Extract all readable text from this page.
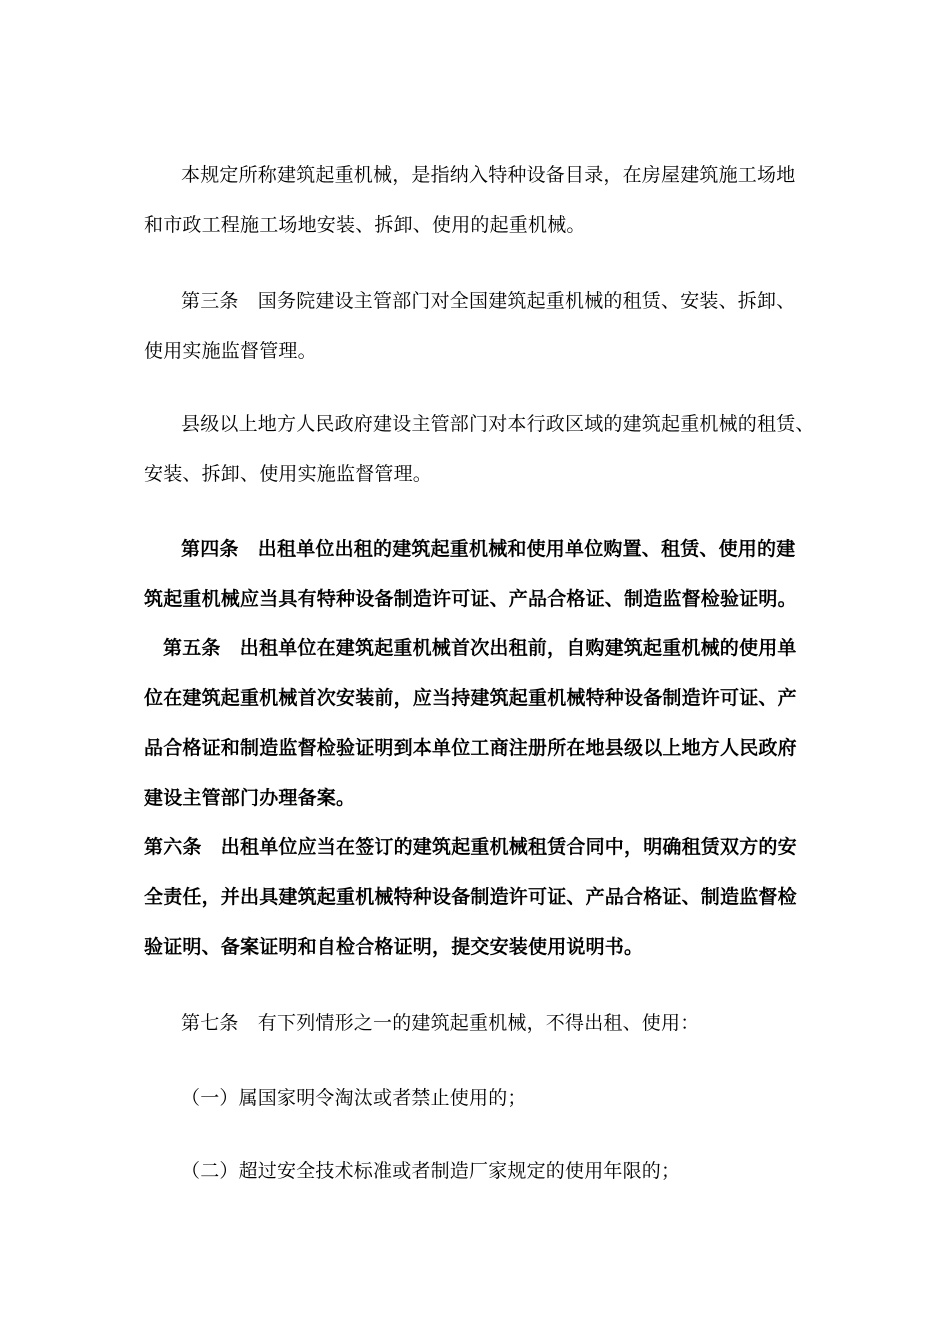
本规定所称建筑起重机械，是指纳入特种设备目录，在房屋建筑施工场地
和市政工程施工场地安装、拆卸、使用的起重机械。
第三条　国务院建设主管部门对全国建筑起重机械的租赁、安装、拆卸、
使用实施监督管理。
县级以上地方人民政府建设主管部门对本行政区域的建筑起重机械的租赁、
安装、拆卸、使用实施监督管理。
第四条　出租单位出租的建筑起重机械和使用单位购置、租赁、使用的建
筑起重机械应当具有特种设备制造许可证、产品合格证、制造监督检验证明。
第五条　出租单位在建筑起重机械首次出租前，自购建筑起重机械的使用单
位在建筑起重机械首次安装前，应当持建筑起重机械特种设备制造许可证、产
品合格证和制造监督检验证明到本单位工商注册所在地县级以上地方人民政府
建设主管部门办理备案。
第六条　出租单位应当在签订的建筑起重机械租赁合同中，明确租赁双方的安
全责任，并出具建筑起重机械特种设备制造许可证、产品合格证、制造监督检
验证明、备案证明和自检合格证明，提交安装使用说明书。
第七条　有下列情形之一的建筑起重机械，不得出租、使用：
（一）属国家明令淘汰或者禁止使用的；
（二）超过安全技术标准或者制造厂家规定的使用年限的；
